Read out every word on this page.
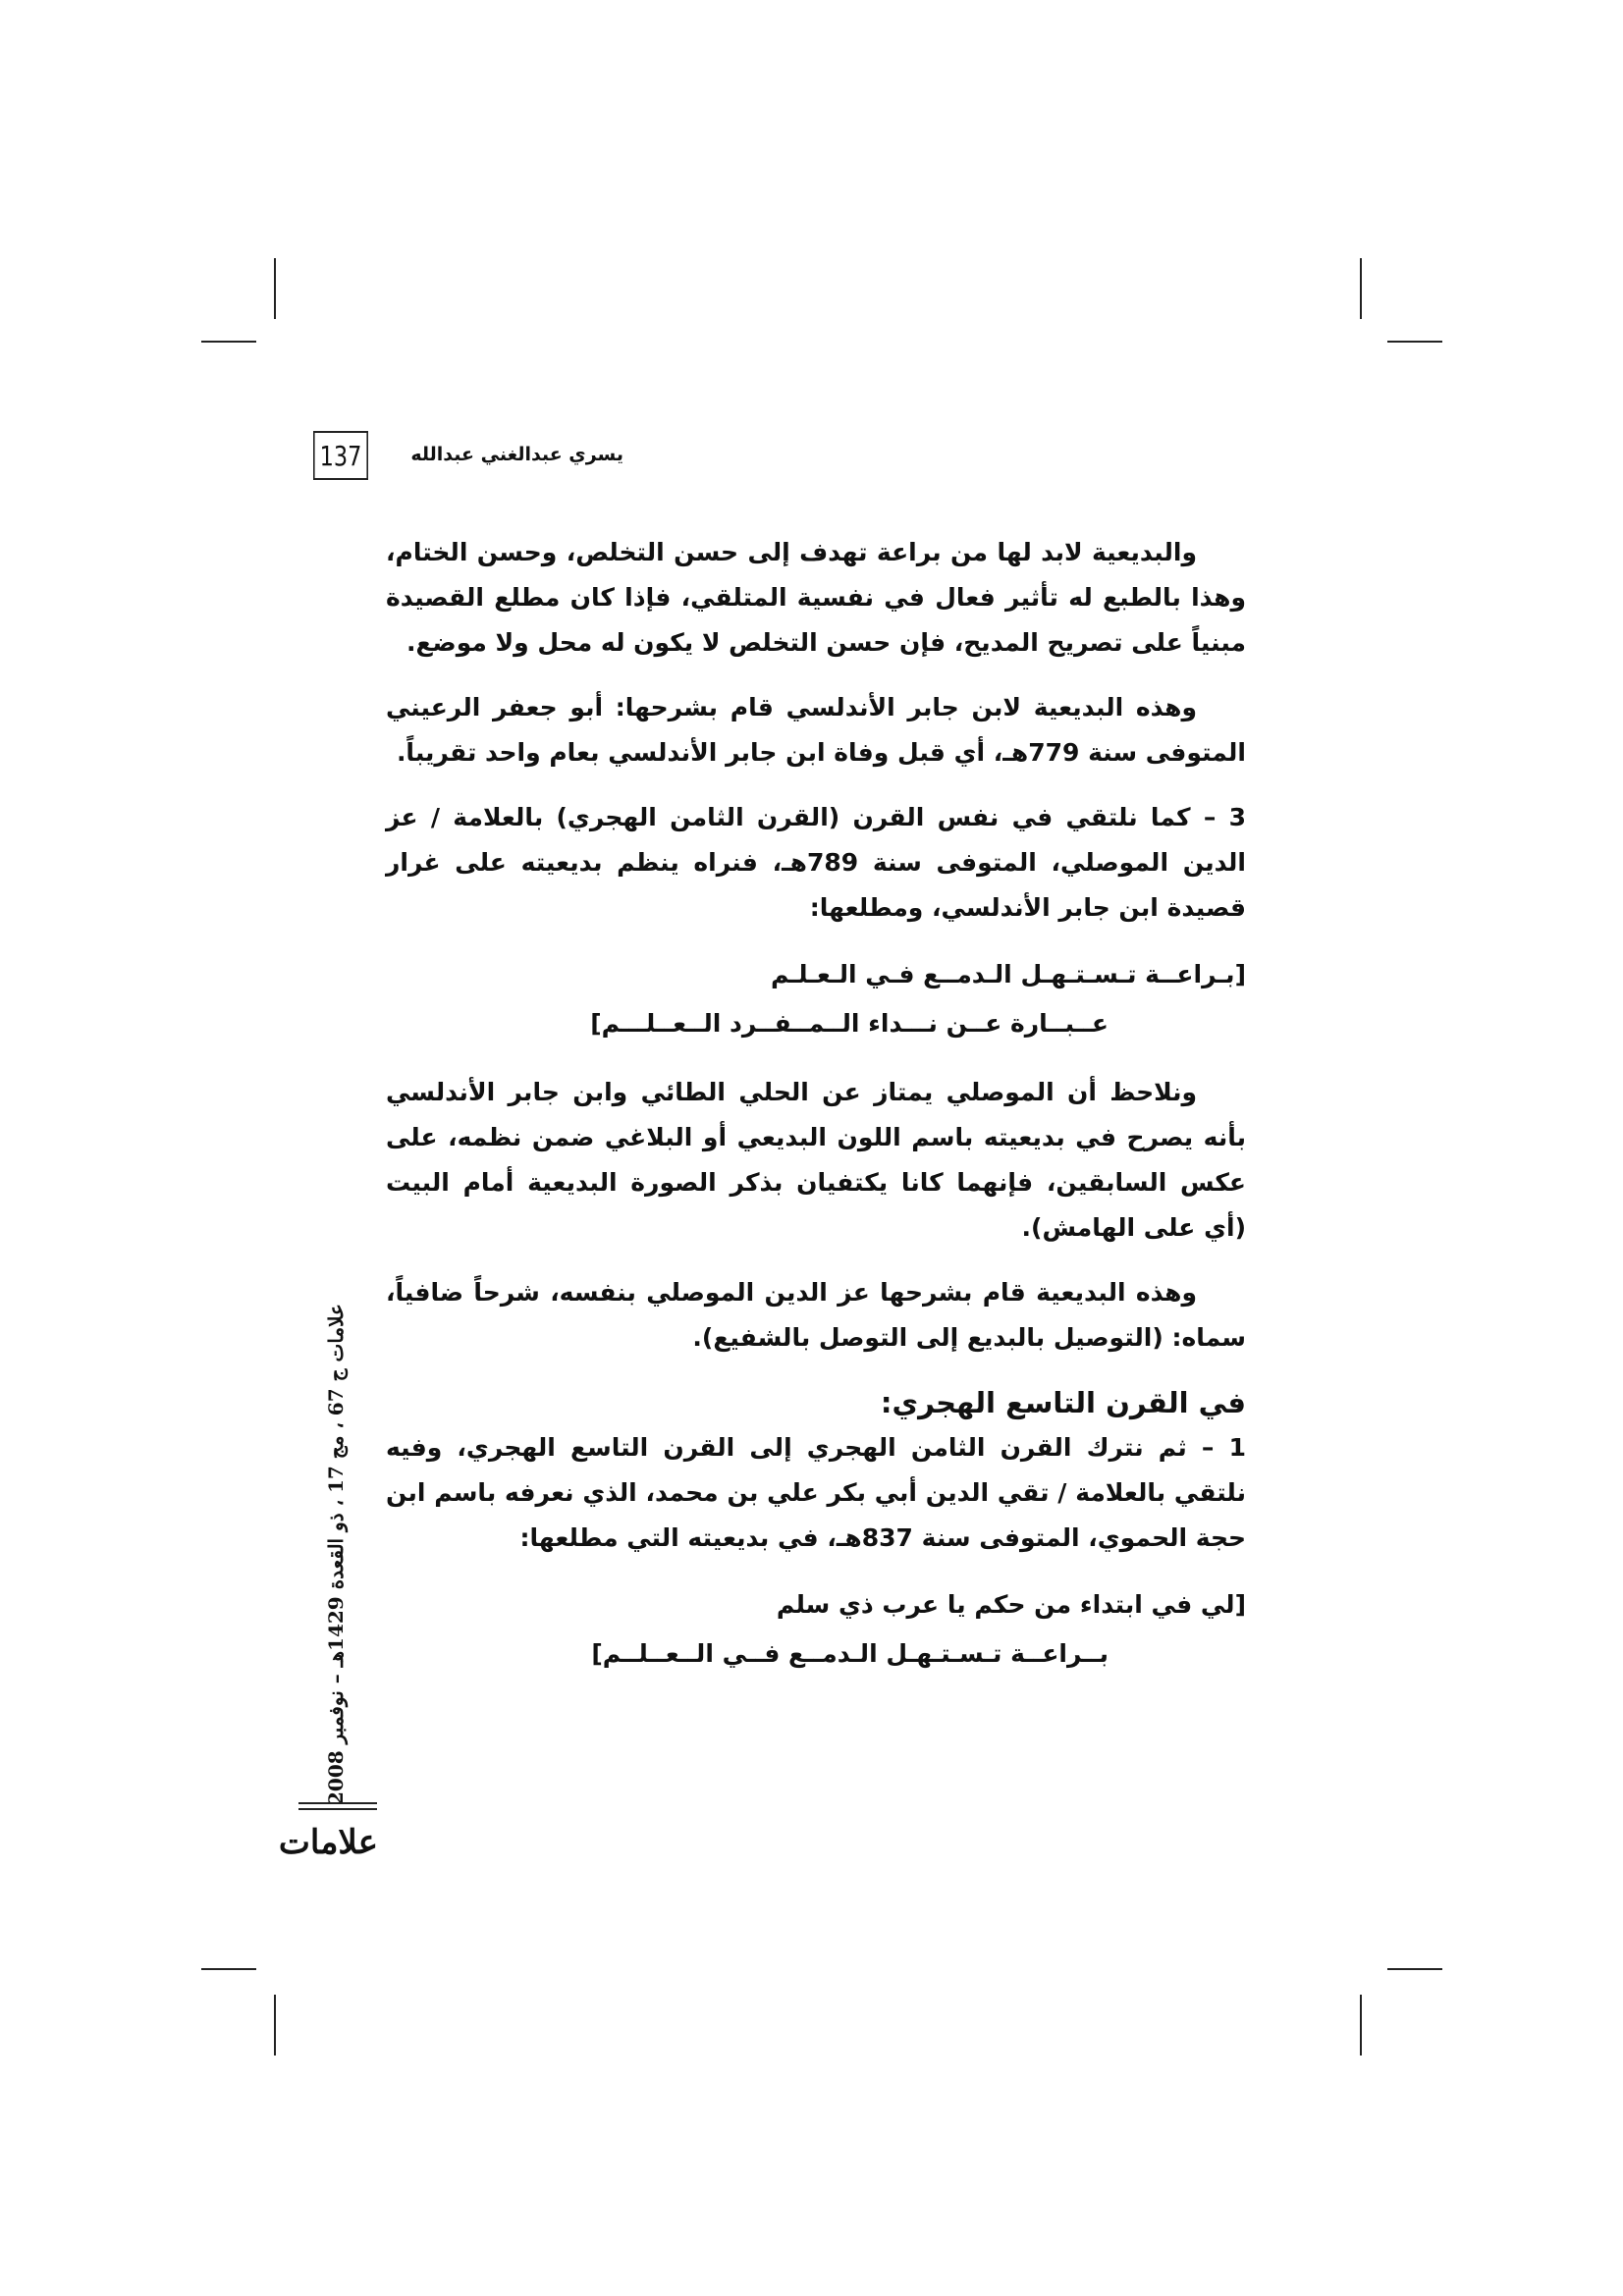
137	يسري عبدالغني عبدالله
علامات ج 67 ، مج 17 ، ذو القعدة 1429هـ – نوفمبر 2008
علامات

والبديعية لابد لها من براعة تهدف إلى حسن التخلص، وحسن الختام، وهذا بالطبع له تأثير فعال في نفسية المتلقي، فإذا كان مطلع القصيدة مبنياً على تصريح المديح، فإن حسن التخلص لا يكون له محل ولا موضع.

وهذه البديعية لابن جابر الأندلسي قام بشرحها: أبو جعفر الرعيني المتوفى سنة 779هـ، أي قبل وفاة ابن جابر الأندلسي بعام واحد تقريباً.

3 – كما نلتقي في نفس القرن (القرن الثامن الهجري) بالعلامة / عز الدين الموصلي، المتوفى سنة 789هـ، فنراه ينظم بديعيته على غرار قصيدة ابن جابر الأندلسي، ومطلعها:

[بـراعــة تـسـتـهـل الـدمــع فـي الـعـلـم
عــبــارة عــن نـــداء الــمــفــرد الــعــلـــم]

ونلاحظ أن الموصلي يمتاز عن الحلي الطائي وابن جابر الأندلسي بأنه يصرح في بديعيته باسم اللون البديعي أو البلاغي ضمن نظمه، على عكس السابقين، فإنهما كانا يكتفيان بذكر الصورة البديعية أمام البيت (أي على الهامش).

وهذه البديعية قام بشرحها عز الدين الموصلي بنفسه، شرحاً ضافياً، سماه: (التوصيل بالبديع إلى التوصل بالشفيع).

في القرن التاسع الهجري:

1 – ثم نترك القرن الثامن الهجري إلى القرن التاسع الهجري، وفيه نلتقي بالعلامة / تقي الدين أبي بكر علي بن محمد، الذي نعرفه باسم ابن حجة الحموي، المتوفى سنة 837هـ، في بديعيته التي مطلعها:

[لي في ابتداء من حكم يا عرب ذي سلم
بــراعــة تـسـتـهـل الـدمــع فــي الــعــلــم]
